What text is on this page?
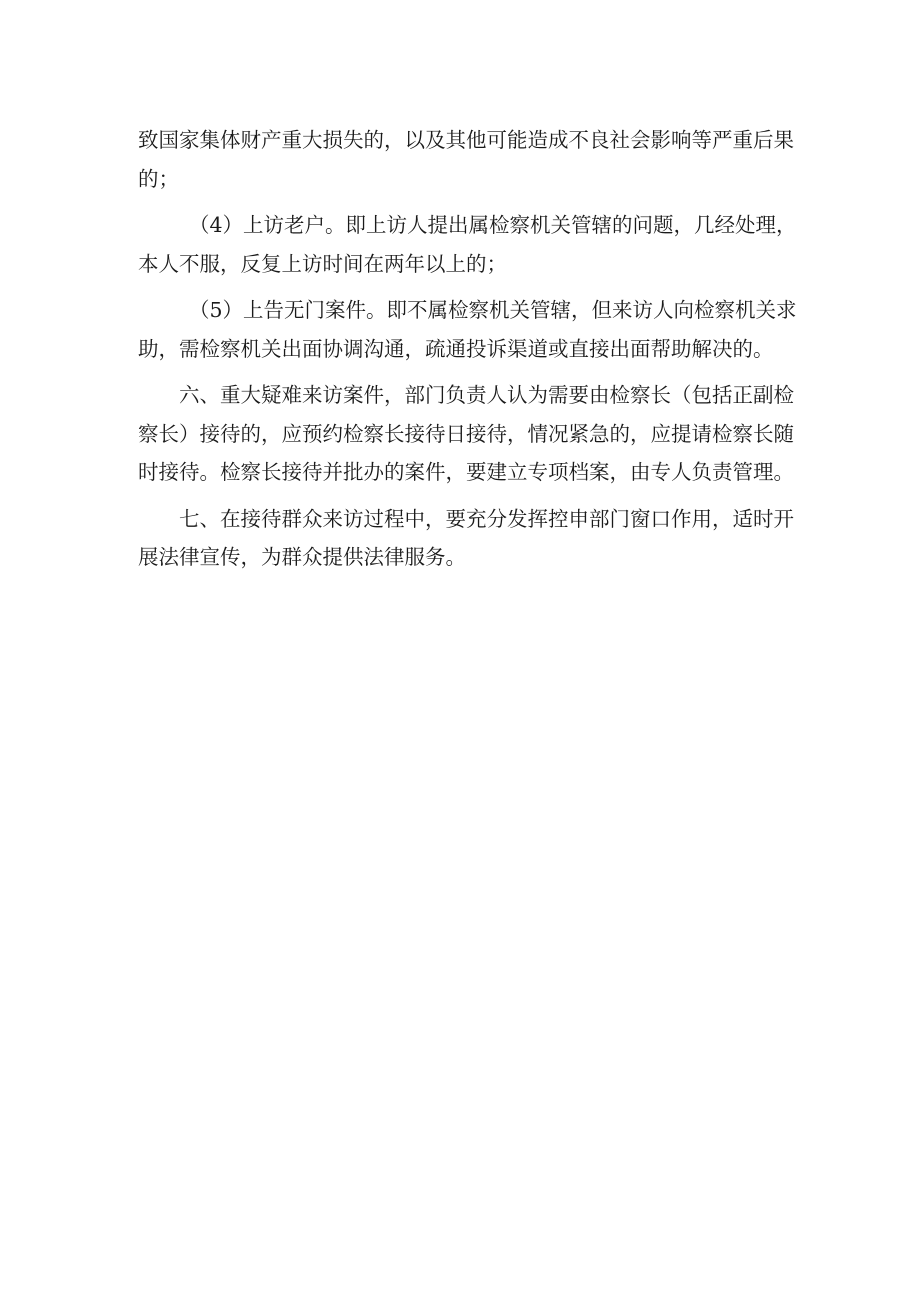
致国家集体财产重大损失的，以及其他可能造成不良社会影响等严重后果
的；

（4）上访老户。即上访人提出属检察机关管辖的问题，几经处理，
本人不服，反复上访时间在两年以上的；

（5）上告无门案件。即不属检察机关管辖，但来访人向检察机关求
助，需检察机关出面协调沟通，疏通投诉渠道或直接出面帮助解决的。

六、重大疑难来访案件，部门负责人认为需要由检察长（包括正副检
察长）接待的，应预约检察长接待日接待，情况紧急的，应提请检察长随
时接待。检察长接待并批办的案件，要建立专项档案，由专人负责管理。

七、在接待群众来访过程中，要充分发挥控申部门窗口作用，适时开
展法律宣传，为群众提供法律服务。
